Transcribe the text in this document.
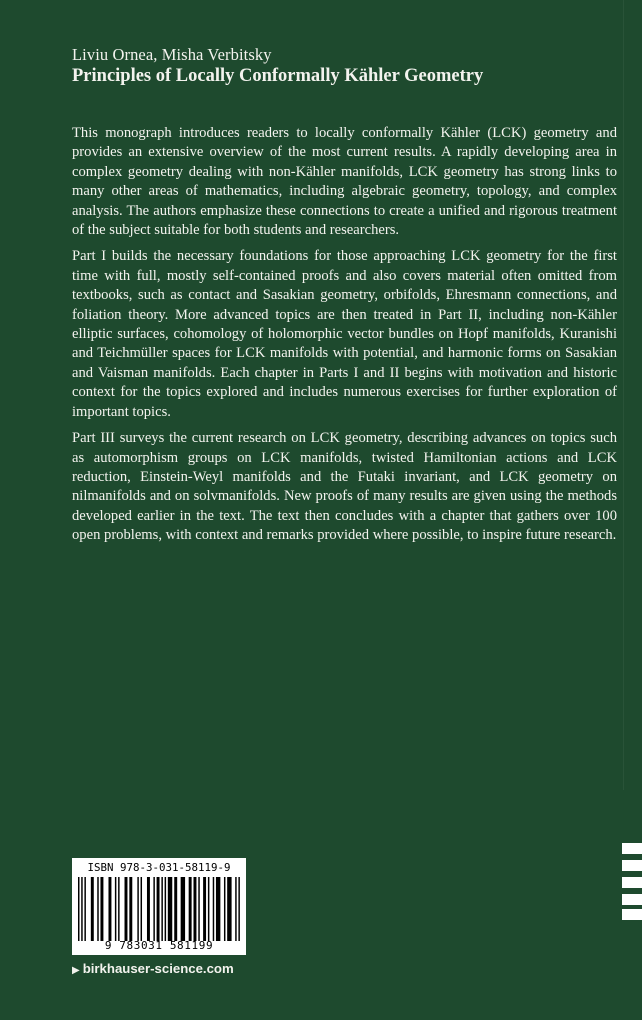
Liviu Ornea, Misha Verbitsky
Principles of Locally Conformally Kähler Geometry

This monograph introduces readers to locally conformally Kähler (LCK) geometry and provides an extensive overview of the most current results. A rapidly developing area in complex geometry dealing with non-Kähler manifolds, LCK geometry has strong links to many other areas of mathematics, including algebraic geometry, topology, and complex analysis. The authors emphasize these connections to create a unified and rigorous treatment of the subject suitable for both students and researchers.

Part I builds the necessary foundations for those approaching LCK geometry for the first time with full, mostly self-contained proofs and also covers material often omitted from textbooks, such as contact and Sasakian geometry, orbifolds, Ehresmann connections, and foliation theory. More advanced topics are then treated in Part II, including non-Kähler elliptic surfaces, cohomology of holomorphic vector bundles on Hopf manifolds, Kuranishi and Teichmüller spaces for LCK manifolds with potential, and harmonic forms on Sasakian and Vaisman manifolds. Each chapter in Parts I and II begins with motivation and historic context for the topics explored and includes numerous exercises for further exploration of important topics.

Part III surveys the current research on LCK geometry, describing advances on topics such as automorphism groups on LCK manifolds, twisted Hamiltonian actions and LCK reduction, Einstein-Weyl manifolds and the Futaki invariant, and LCK geometry on nilmanifolds and on solvmanifolds. New proofs of many results are given using the methods developed earlier in the text. The text then concludes with a chapter that gathers over 100 open problems, with context and remarks provided where possible, to inspire future research.

ISBN 978-3-031-58119-9
9 783031 581199
▶ birkhauser-science.com
